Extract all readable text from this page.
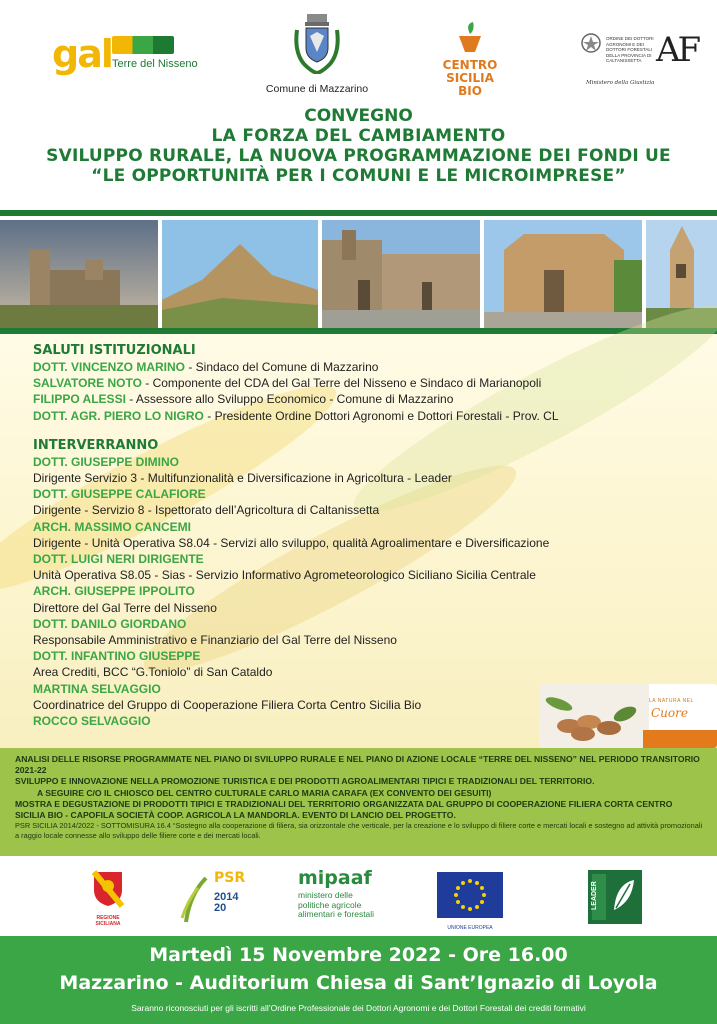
gal Terre del Nisseno
Comune di Mazzarino
CENTRO
SICILIA
BIO
ORDINE DEI DOTTORI AGRONOMI E DEI DOTTORI FORESTALI DELLA PROVINCIA DI CALTANISSETTA AF
Ministero della Giustizia
CONVEGNO
LA FORZA DEL CAMBIAMENTO
SVILUPPO RURALE, LA NUOVA PROGRAMMAZIONE DEI FONDI UE
“LE OPPORTUNITÀ PER I COMUNI E LE MICROIMPRESE”
SALUTI ISTITUZIONALI
DOTT. VINCENZO MARINO - Sindaco del Comune di Mazzarino
SALVATORE NOTO - Componente del CDA del Gal Terre del Nisseno e Sindaco di Marianopoli
FILIPPO ALESSI - Assessore allo Sviluppo Economico - Comune di Mazzarino
DOTT. AGR. PIERO LO NIGRO - Presidente Ordine Dottori Agronomi e Dottori Forestali - Prov. CL
INTERVERRANNO
DOTT. GIUSEPPE DIMINO
Dirigente Servizio 3 - Multifunzionalità e Diversificazione in Agricoltura - Leader
DOTT. GIUSEPPE CALAFIORE
Dirigente - Servizio 8 - Ispettorato dell’Agricoltura di Caltanissetta
ARCH. MASSIMO CANCEMI
Dirigente - Unità Operativa S8.04 - Servizi allo sviluppo, qualità Agroalimentare e Diversificazione
DOTT. LUIGI NERI DIRIGENTE
Unità Operativa S8.05 - Sias - Servizio Informativo Agrometeorologico Siciliano Sicilia Centrale
ARCH. GIUSEPPE IPPOLITO
Direttore del Gal Terre del Nisseno
DOTT. DANILO GIORDANO
Responsabile Amministrativo e Finanziario del Gal Terre del Nisseno
DOTT. INFANTINO GIUSEPPE
Area Crediti, BCC “G.Toniolo” di San Cataldo
MARTINA SELVAGGIO
Coordinatrice del Gruppo di Cooperazione Filiera Corta Centro Sicilia Bio
ROCCO SELVAGGIO
LA NATURA NEL
Cuore
ANALISI DELLE RISORSE PROGRAMMATE NEL PIANO DI SVILUPPO RURALE E NEL PIANO DI AZIONE LOCALE “TERRE DEL NISSENO” NEL PERIODO TRANSITORIO 2021-22
SVILUPPO E INNOVAZIONE NELLA PROMOZIONE TURISTICA E DEI PRODOTTI AGROALIMENTARI TIPICI E TRADIZIONALI DEL TERRITORIO.
A SEGUIRE C/O IL CHIOSCO DEL CENTRO CULTURALE CARLO MARIA CARAFA (EX CONVENTO DEI GESUITI)
MOSTRA E DEGUSTAZIONE DI PRODOTTI TIPICI E TRADIZIONALI DEL TERRITORIO ORGANIZZATA DAL GRUPPO DI COOPERAZIONE FILIERA CORTA CENTRO SICILIA BIO - CAPOFILA SOCIETÀ COOP. AGRICOLA LA MANDORLA. EVENTO DI LANCIO DEL PROGETTO.
PSR SICILIA 2014/2022 - SOTTOMISURA 16.4 “Sostegno alla cooperazione di filiera, sia orizzontale che verticale, per la creazione e lo sviluppo di filiere corte e mercati locali e sostegno ad attività promozionali a raggio locale connesse allo sviluppo delle filiere corte e dei mercati locali.
REGIONE SICILIANA
PSR
2014
20
mipaaf
ministero delle
politiche agricole
alimentari e forestali
UNIONE EUROPEA
LEADER
Martedì 15 Novembre 2022 - Ore 16.00
Mazzarino - Auditorium Chiesa di Sant’Ignazio di Loyola
Saranno riconosciuti per gli iscritti all’Ordine Professionale dei Dottori Agronomi e dei Dottori Forestali dei crediti formativi
